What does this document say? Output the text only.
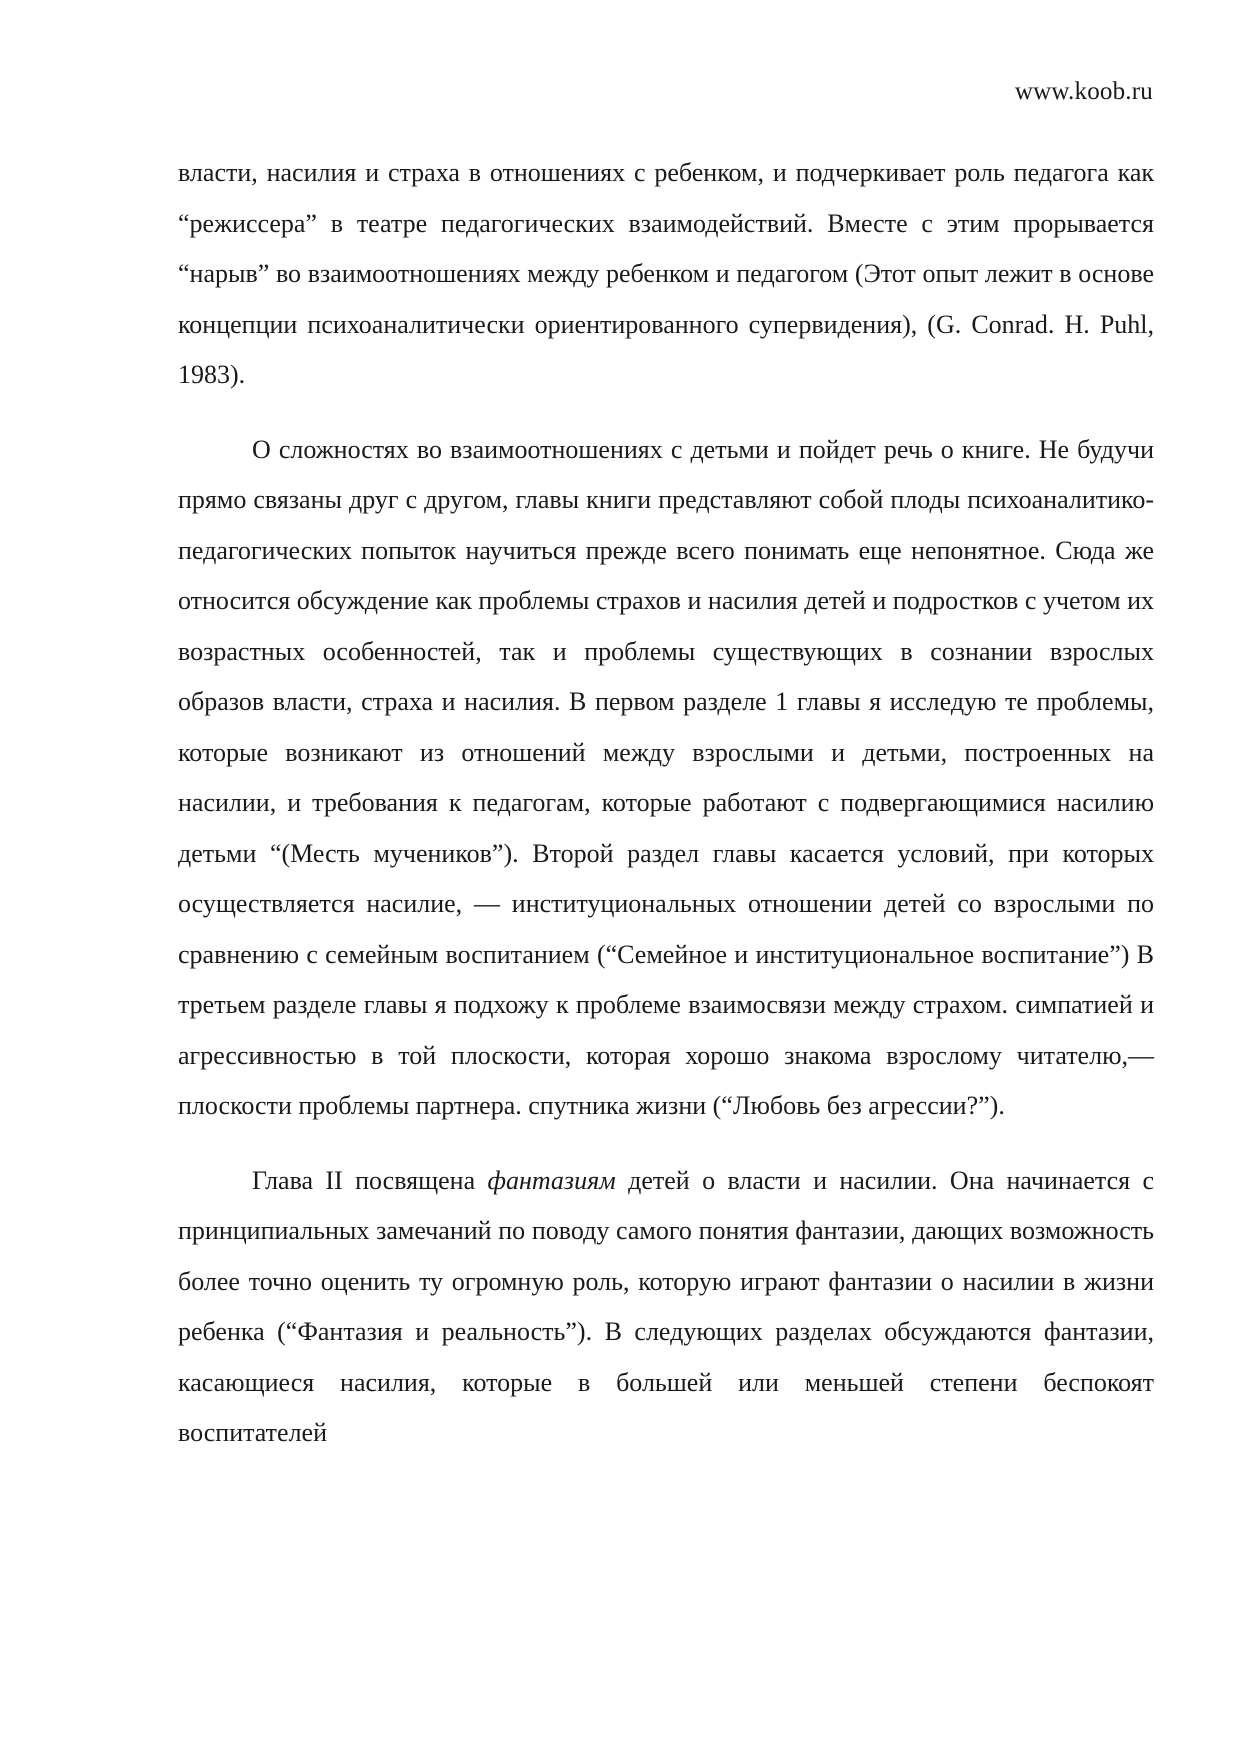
www.koob.ru

власти, насилия и страха в отношениях с ребенком, и подчеркивает роль педагога как “режиссера” в театре педагогических взаимодействий. Вместе с этим прорывается “нарыв” во взаимоотношениях между ребенком и педагогом (Этот опыт лежит в основе концепции психоаналитически ориентированного супервидения), (G. Conrad. H. Puhl, 1983).

О сложностях во взаимоотношениях с детьми и пойдет речь о книге. Не будучи прямо связаны друг с другом, главы книги представляют собой плоды психоаналитико-педагогических попыток научиться прежде всего понимать еще непонятное. Сюда же относится обсуждение как проблемы страхов и насилия детей и подростков с учетом их возрастных особенностей, так и проблемы существующих в сознании взрослых образов власти, страха и насилия. В первом разделе 1 главы я исследую те проблемы, которые возникают из отношений между взрослыми и детьми, построенных на насилии, и требования к педагогам, которые работают с подвергающимися насилию детьми “(Месть мучеников”). Второй раздел главы касается условий, при которых осуществляется насилие, — институциональных отношении детей со взрослыми по сравнению с семейным воспитанием (“Семейное и институциональное воспитание”) В третьем разделе главы я подхожу к проблеме взаимосвязи между страхом. симпатией и агрессивностью в той плоскости, которая хорошо знакома взрослому читателю,—плоскости проблемы партнера. спутника жизни (“Любовь без агрессии?”).

Глава II посвящена фантазиям детей о власти и насилии. Она начинается с принципиальных замечаний по поводу самого понятия фантазии, дающих возможность более точно оценить ту огромную роль, которую играют фантазии о насилии в жизни ребенка (“Фантазия и реальность”). В следующих разделах обсуждаются фантазии, касающиеся насилия, которые в большей или меньшей степени беспокоят воспитателей
